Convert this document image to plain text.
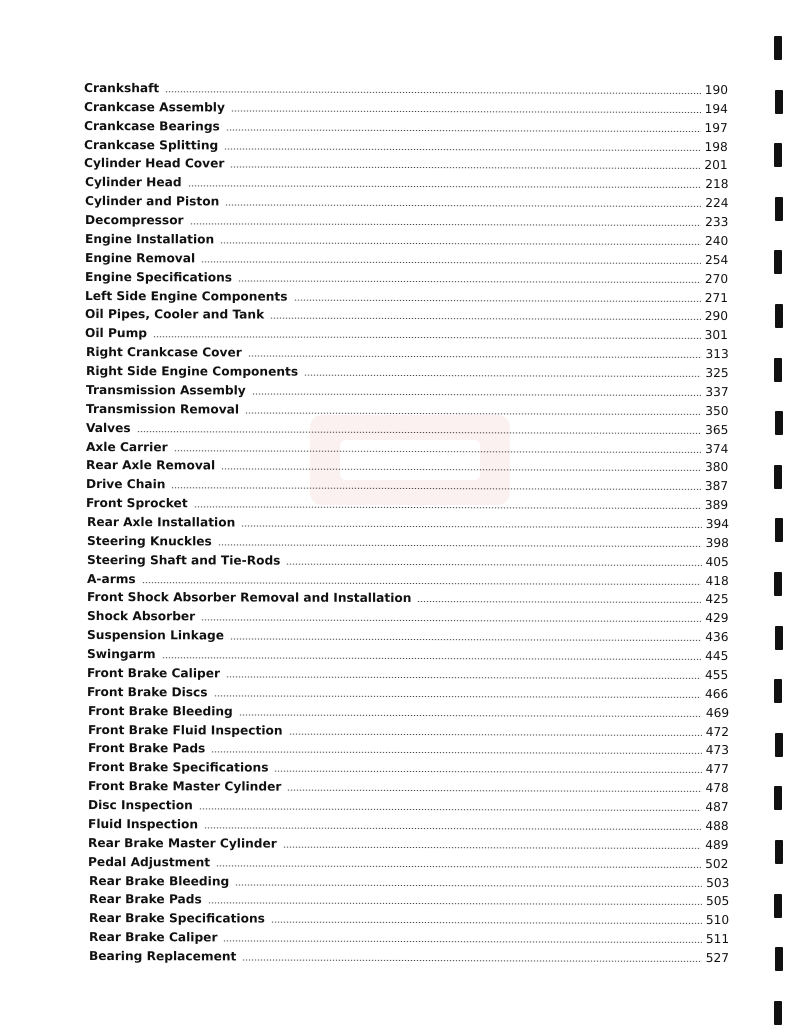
Crankshaft	190
Crankcase Assembly	194
Crankcase Bearings	197
Crankcase Splitting	198
Cylinder Head Cover	201
Cylinder Head	218
Cylinder and Piston	224
Decompressor	233
Engine Installation	240
Engine Removal	254
Engine Specifications	270
Left Side Engine Components	271
Oil Pipes, Cooler and Tank	290
Oil Pump	301
Right Crankcase Cover	313
Right Side Engine Components	325
Transmission Assembly	337
Transmission Removal	350
Valves	365
Axle Carrier	374
Rear Axle Removal	380
Drive Chain	387
Front Sprocket	389
Rear Axle Installation	394
Steering Knuckles	398
Steering Shaft and Tie-Rods	405
A-arms	418
Front Shock Absorber Removal and Installation	425
Shock Absorber	429
Suspension Linkage	436
Swingarm	445
Front Brake Caliper	455
Front Brake Discs	466
Front Brake Bleeding	469
Front Brake Fluid Inspection	472
Front Brake Pads	473
Front Brake Specifications	477
Front Brake Master Cylinder	478
Disc Inspection	487
Fluid Inspection	488
Rear Brake Master Cylinder	489
Pedal Adjustment	502
Rear Brake Bleeding	503
Rear Brake Pads	505
Rear Brake Specifications	510
Rear Brake Caliper	511
Bearing Replacement	527
